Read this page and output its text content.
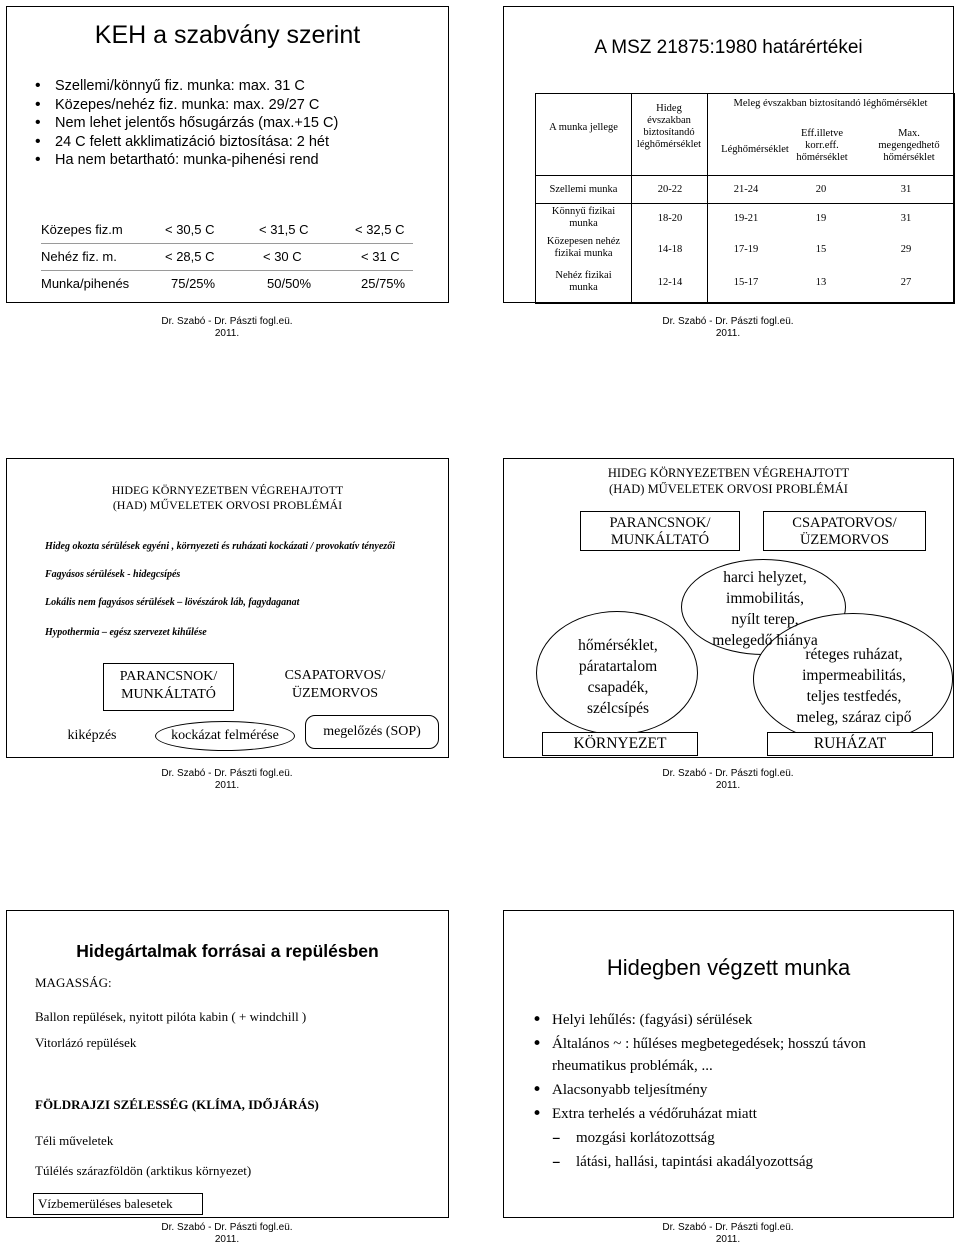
KEH a szabvány szerint
• Szellemi/könnyű fiz. munka: max. 31 C
• Közepes/nehéz fiz. munka: max. 29/27 C
• Nem lehet jelentős hősugárzás (max.+15 C)
• 24 C felett akklimatizáció biztosítása: 2 hét
• Ha nem betartható: munka-pihenési rend
Közepes fiz.m	< 30,5 C	< 31,5 C	< 32,5 C
Nehéz fiz. m.	< 28,5 C	< 30 C	< 31 C
Munka/pihenés	75/25%	50/50%	25/75%
Dr. Szabó - Dr. Pászti fogl.eü.
2011.
A MSZ 21875:1980 határértékei
A munka jellege
Hideg évszakban biztosítandó léghőmérséklet
Meleg évszakban biztosítandó léghőmérséklet
Léghőmérséklet
Eff.illetve korr.eff. hőmérséklet
Max. megengedhető hőmérséklet
Szellemi munka	20-22	21-24	20	31
Könnyű fizikai munka	18-20	19-21	19	31
Közepesen nehéz fizikai munka	14-18	17-19	15	29
Nehéz fizikai munka	12-14	15-17	13	27
Dr. Szabó - Dr. Pászti fogl.eü.
2011.
HIDEG KÖRNYEZETBEN VÉGREHAJTOTT
(HAD) MŰVELETEK ORVOSI PROBLÉMÁI
Hideg okozta sérülések egyéni , környezeti és ruházati kockázati / provokatív tényezői
Fagyásos sérülések - hidegcsípés
Lokális nem fagyásos sérülések – lövészárok láb, fagydaganat
Hypothermia – egész szervezet kihűlése
PARANCSNOK/
MUNKÁLTATÓ
CSAPATORVOS/
ÜZEMORVOS
kiképzés	kockázat felmérése	megelőzés (SOP)
Dr. Szabó - Dr. Pászti fogl.eü.
2011.
HIDEG KÖRNYEZETBEN VÉGREHAJTOTT
(HAD) MŰVELETEK ORVOSI PROBLÉMÁI
PARANCSNOK/
MUNKÁLTATÓ
CSAPATORVOS/
ÜZEMORVOS
harci helyzet,
immobilitás,
nyílt terep,
melegedő hiánya
hőmérséklet,
páratartalom
csapadék,
szélcsípés
réteges ruházat,
impermeabilitás,
teljes testfedés,
meleg, száraz cipő
KÖRNYEZET	RUHÁZAT
Dr. Szabó - Dr. Pászti fogl.eü.
2011.
Hidegártalmak forrásai a repülésben
MAGASSÁG:
Ballon repülések, nyitott pilóta kabin ( + windchill )
Vitorlázó repülések
FÖLDRAJZI SZÉLESSÉG (KLÍMA, IDŐJÁRÁS)
Téli műveletek
Túlélés szárazföldön (arktikus környezet)
Vízbemerüléses balesetek
Dr. Szabó - Dr. Pászti fogl.eü.
2011.
Hidegben végzett munka
• Helyi lehűlés: (fagyási) sérülések
• Általános ~ : hűléses megbetegedések; hosszú távon
rheumatikus problémák, ...
• Alacsonyabb teljesítmény
• Extra terhelés a védőruházat miatt
– mozgási korlátozottság
– látási, hallási, tapintási akadályozottság
Dr. Szabó - Dr. Pászti fogl.eü.
2011.
